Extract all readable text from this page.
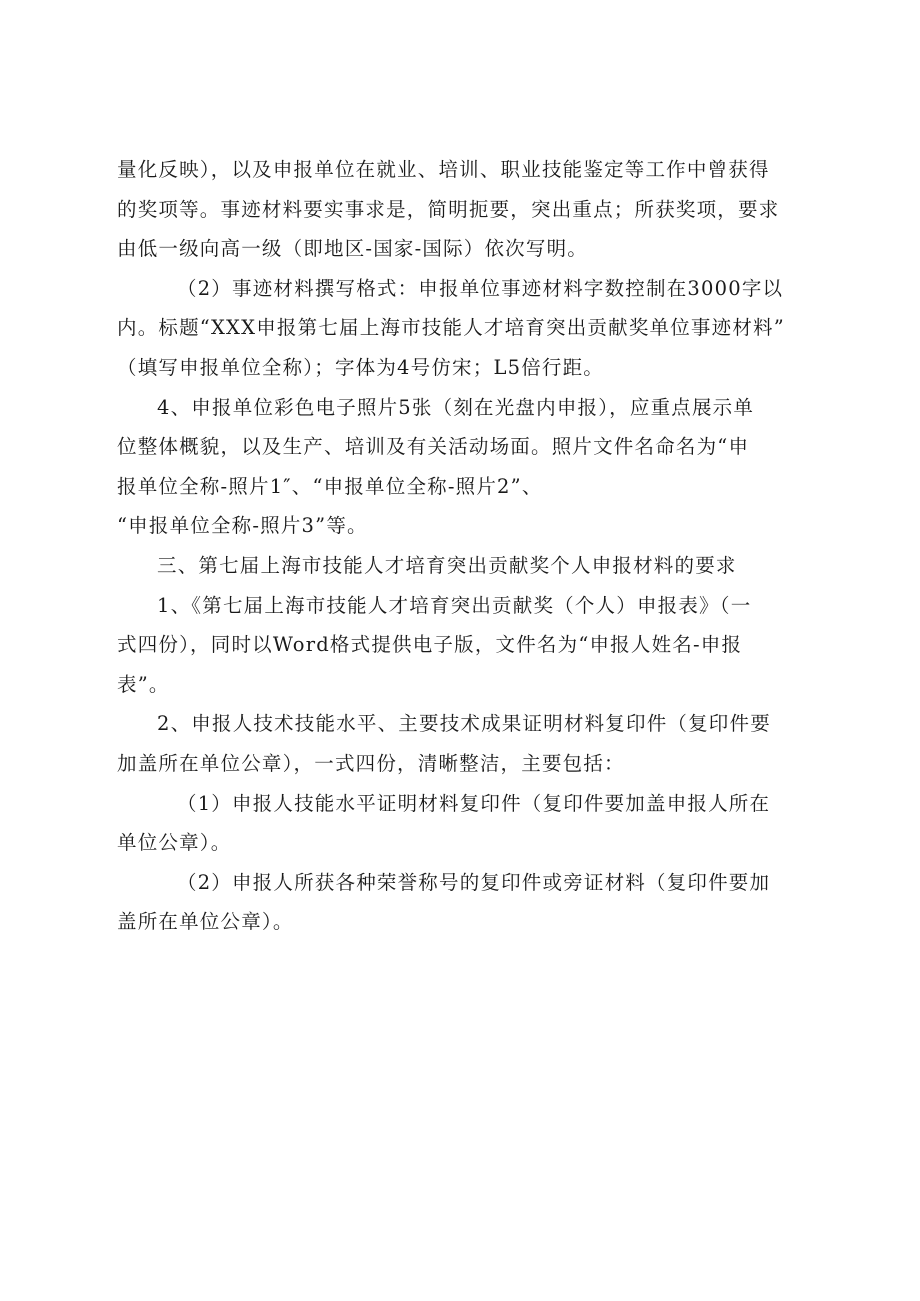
量化反映），以及申报单位在就业、培训、职业技能鉴定等工作中曾获得
的奖项等。事迹材料要实事求是，简明扼要，突出重点；所获奖项，要求
由低一级向高一级（即地区-国家-国际）依次写明。
（2）事迹材料撰写格式：申报单位事迹材料字数控制在3000字以
内。标题“XXX申报第七届上海市技能人才培育突出贡献奖单位事迹材料”
（填写申报单位全称）；字体为4号仿宋；L5倍行距。
4、申报单位彩色电子照片5张（刻在光盘内申报），应重点展示单
位整体概貌，以及生产、培训及有关活动场面。照片文件名命名为“申
报单位全称-照片1″、“申报单位全称-照片2”、
“申报单位全称-照片3”等。
三、第七届上海市技能人才培育突出贡献奖个人申报材料的要求
1、《第七届上海市技能人才培育突出贡献奖（个人）申报表》（一
式四份），同时以Word格式提供电子版，文件名为“申报人姓名-申报
表”。
2、申报人技术技能水平、主要技术成果证明材料复印件（复印件要
加盖所在单位公章），一式四份，清晰整洁，主要包括：
（1）申报人技能水平证明材料复印件（复印件要加盖申报人所在
单位公章）。
（2）申报人所获各种荣誉称号的复印件或旁证材料（复印件要加
盖所在单位公章）。
